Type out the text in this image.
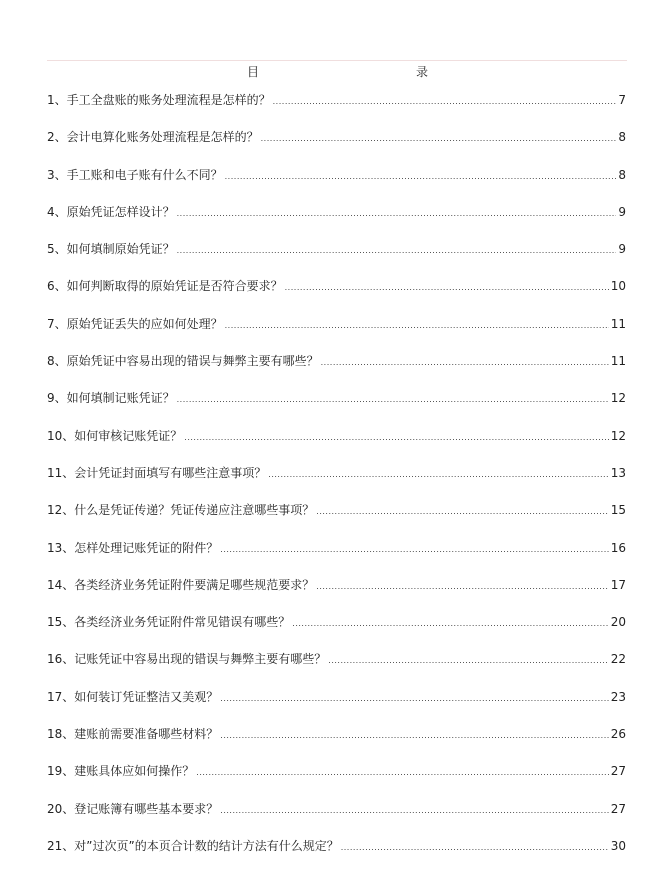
目	录
1、手工全盘账的账务处理流程是怎样的？ .....	7
2、会计电算化账务处理流程是怎样的？ .....	8
3、手工账和电子账有什么不同？ .....	8
4、原始凭证怎样设计？ .....	9
5、如何填制原始凭证？ .....	9
6、如何判断取得的原始凭证是否符合要求？ .....	10
7、原始凭证丢失的应如何处理？ .....	11
8、原始凭证中容易出现的错误与舞弊主要有哪些？ .....	11
9、如何填制记账凭证？ .....	12
10、如何审核记账凭证？ .....	12
11、会计凭证封面填写有哪些注意事项？ .....	13
12、什么是凭证传递？凭证传递应注意哪些事项？ .....	15
13、怎样处理记账凭证的附件？ .....	16
14、各类经济业务凭证附件要满足哪些规范要求？ .....	17
15、各类经济业务凭证附件常见错误有哪些？ .....	20
16、记账凭证中容易出现的错误与舞弊主要有哪些？ .....	22
17、如何装订凭证整洁又美观？ .....	23
18、建账前需要准备哪些材料？ .....	26
19、建账具体应如何操作？ .....	27
20、登记账簿有哪些基本要求？ .....	27
21、对”过次页”的本页合计数的结计方法有什么规定？ .....	30
